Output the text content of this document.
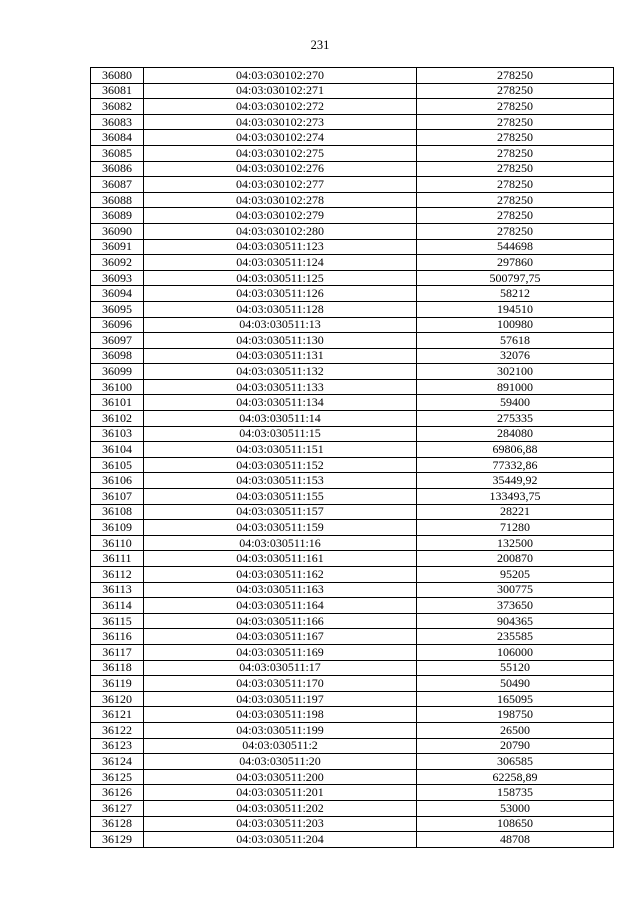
231
36080	04:03:030102:270	278250
36081	04:03:030102:271	278250
36082	04:03:030102:272	278250
36083	04:03:030102:273	278250
36084	04:03:030102:274	278250
36085	04:03:030102:275	278250
36086	04:03:030102:276	278250
36087	04:03:030102:277	278250
36088	04:03:030102:278	278250
36089	04:03:030102:279	278250
36090	04:03:030102:280	278250
36091	04:03:030511:123	544698
36092	04:03:030511:124	297860
36093	04:03:030511:125	500797,75
36094	04:03:030511:126	58212
36095	04:03:030511:128	194510
36096	04:03:030511:13	100980
36097	04:03:030511:130	57618
36098	04:03:030511:131	32076
36099	04:03:030511:132	302100
36100	04:03:030511:133	891000
36101	04:03:030511:134	59400
36102	04:03:030511:14	275335
36103	04:03:030511:15	284080
36104	04:03:030511:151	69806,88
36105	04:03:030511:152	77332,86
36106	04:03:030511:153	35449,92
36107	04:03:030511:155	133493,75
36108	04:03:030511:157	28221
36109	04:03:030511:159	71280
36110	04:03:030511:16	132500
36111	04:03:030511:161	200870
36112	04:03:030511:162	95205
36113	04:03:030511:163	300775
36114	04:03:030511:164	373650
36115	04:03:030511:166	904365
36116	04:03:030511:167	235585
36117	04:03:030511:169	106000
36118	04:03:030511:17	55120
36119	04:03:030511:170	50490
36120	04:03:030511:197	165095
36121	04:03:030511:198	198750
36122	04:03:030511:199	26500
36123	04:03:030511:2	20790
36124	04:03:030511:20	306585
36125	04:03:030511:200	62258,89
36126	04:03:030511:201	158735
36127	04:03:030511:202	53000
36128	04:03:030511:203	108650
36129	04:03:030511:204	48708
